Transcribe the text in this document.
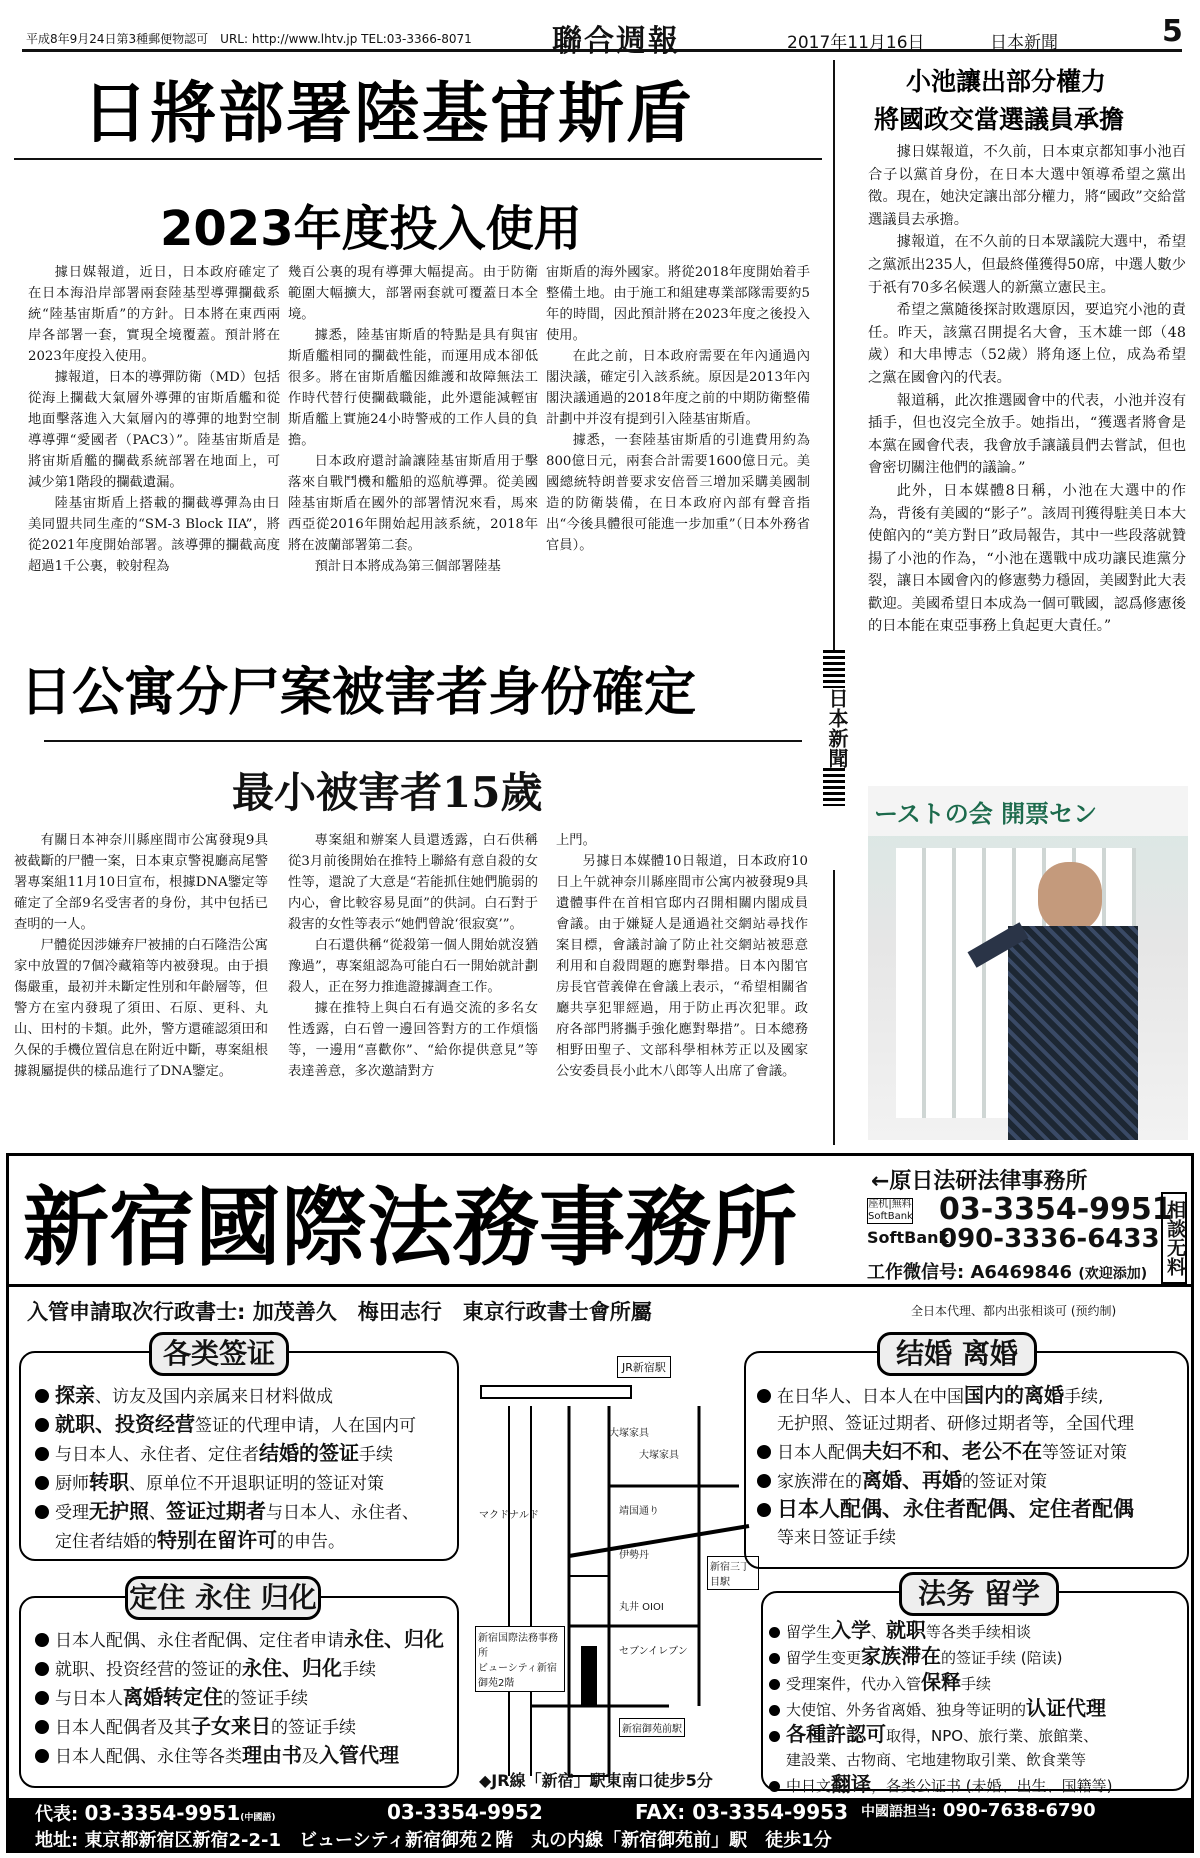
平成8年9月24日第3種郵便物認可　URL: http://www.lhtv.jp TEL:03-3366-8071	聯合週報	2017年11月16日	日本新聞	5
日將部署陸基宙斯盾
2023年度投入使用

據日媒報道，近日，日本政府確定了在日本海沿岸部署兩套陸基型導彈攔截系統“陸基宙斯盾”的方針。日本將在東西兩岸各部署一套，實現全境覆蓋。預計將在2023年度投入使用。

據報道，日本的導彈防衛（MD）包括從海上攔截大氣層外導彈的宙斯盾艦和從地面擊落進入大氣層內的導彈的地對空制導導彈“愛國者（PAC3）”。陸基宙斯盾是將宙斯盾艦的攔截系統部署在地面上，可減少第1階段的攔截遺漏。

陸基宙斯盾上搭載的攔截導彈為由日美同盟共同生產的“SM-3 Block IIA”，將從2021年度開始部署。該導彈的攔截高度超過1千公裏，較射程為

幾百公裏的現有導彈大幅提高。由于防衛範圍大幅擴大，部署兩套就可覆蓋日本全境。

據悉，陸基宙斯盾的特點是具有與宙斯盾艦相同的攔截性能，而運用成本卻低很多。將在宙斯盾艦因維護和故障無法工作時代替行使攔截職能，此外還能減輕宙斯盾艦上實施24小時警戒的工作人員的負擔。

日本政府還討論讓陸基宙斯盾用于擊落來自戰鬥機和艦船的巡航導彈。從美國陸基宙斯盾在國外的部署情況來看，馬來西亞從2016年開始起用該系統，2018年將在波蘭部署第二套。

預計日本將成為第三個部署陸基

宙斯盾的海外國家。將從2018年度開始着手整備土地。由于施工和組建專業部隊需要約5年的時間，因此預計將在2023年度之後投入使用。

在此之前，日本政府需要在年內通過內閣決議，確定引入該系統。原因是2013年內閣決議通過的2018年度之前的中期防衛整備計劃中并沒有提到引入陸基宙斯盾。

據悉，一套陸基宙斯盾的引進費用約為800億日元，兩套合計需要1600億日元。美國總統特朗普要求安倍晉三增加采購美國制造的防衛裝備，在日本政府內部有聲音指出“今後具體很可能進一步加重”（日本外務省官員）。

日公寓分尸案被害者身份確定
最小被害者15歲

有關日本神奈川縣座間市公寓發現9具被截斷的尸體一案，日本東京警視廳高尾警署專案組11月10日宣布，根據DNA鑒定等確定了全部9名受害者的身份，其中包括已查明的一人。

尸體從因涉嫌弃尸被捕的白石隆浩公寓家中放置的7個冷藏箱等内被發現。由于損傷嚴重，最初并未斷定性別和年齡層等，但警方在室内發現了須田、石原、更科、丸山、田村的卡類。此外，警方還確認須田和久保的手機位置信息在附近中斷，專案組根據親屬提供的樣品進行了DNA鑒定。

專案組和辦案人員還透露，白石供稱從3月前後開始在推特上聯絡有意自殺的女性等，還說了大意是“若能抓住她們脆弱的内心，會比較容易見面”的供詞。白石對于殺害的女性等表示“她們曾說‘很寂寞’”。

白石還供稱“從殺第一個人開始就沒猶豫過”，專案組認為可能白石一開始就計劃殺人，正在努力推進證據調查工作。

據在推特上與白石有過交流的多名女性透露，白石曾一邊回答對方的工作煩惱等，一邊用“喜歡你”、“給你提供意見”等表達善意，多次邀請對方

上門。

另據日本媒體10日報道，日本政府10日上午就神奈川縣座間市公寓内被發現9具遺體事件在首相官邸内召開相關内閣成員會議。由于嫌疑人是通過社交網站尋找作案目標，會議討論了防止社交網站被惡意利用和自殺問題的應對舉措。日本內閣官房長官菅義偉在會議上表示，“希望相關省廳共享犯罪經過，用于防止再次犯罪。政府各部門將攜手強化應對舉措”。日本總務相野田聖子、文部科學相林芳正以及國家公安委員長小此木八郎等人出席了會議。

日本新聞
小池讓出部分權力
將國政交當選議員承擔

據日媒報道，不久前，日本東京都知事小池百合子以黨首身份，在日本大選中領導希望之黨出徵。現在，她決定讓出部分權力，將“國政”交給當選議員去承擔。

據報道，在不久前的日本眾議院大選中，希望之黨派出235人，但最終僅獲得50席，中選人數少于祇有70多名候選人的新黨立憲民主。

希望之黨隨後探討敗選原因，要追究小池的責任。昨天，該黨召開提名大會，玉木雄一郎（48歲）和大串博志（52歲）將角逐上位，成為希望之黨在國會內的代表。

報道稱，此次推選國會中的代表，小池并沒有插手，但也沒完全放手。她指出，“獲選者將會是本黨在國會代表，我會放手讓議員們去嘗試，但也會密切關注他們的議論。”

此外，日本媒體8日稱，小池在大選中的作為，背後有美國的“影子”。該周刊獲得駐美日本大使館內的“美方對日”政局報告，其中一些段落就贊揚了小池的作為，“小池在選戰中成功讓民進黨分裂，讓日本國會內的修憲勢力穩固，美國對此大表歡迎。美國希望日本成為一個可戰國，認爲修憲後的日本能在東亞事務上負起更大責任。”

ーストの会 開票セン
新宿國際法務事務所	←原日法研法律事務所
座机|無料
SoftBank 03-3354-9951
SoftBank
090-3336-6433 相談无料
工作微信号: A6469846 (欢迎添加)
入管申請取次行政書士: 加茂善久　梅田志行　東京行政書士會所屬	全日本代理、都内出张相谈可 (预约制)
各类签证
探亲、访友及国内亲属来日材料做成
就职、投资经营签证的代理申请，人在国内可
与日本人、永住者、定住者结婚的签证手续
厨师转职、原单位不开退职证明的签证对策
受理无护照、签证过期者与日本人、永住者、
定住者结婚的特别在留许可的申告。
定住 永住 归化
日本人配偶、永住者配偶、定住者申请永住、归化
就职、投资经营的签证的永住、归化手续
与日本人离婚转定住的签证手续
日本人配偶者及其子女来日的签证手续
日本人配偶、永住等各类理由书及入管代理
JR新宿駅
大塚家具
新宿三丁目駅
伊勢丹
丸井 OIOI
靖国通り
マクドナルド
大塚家具
セブンイレブン
新宿御苑前駅
新宿国際法務事務所
ビューシティ新宿御苑2階
◆JR線「新宿」駅東南口徒步5分
结婚 离婚
在日华人、日本人在中国国内的离婚手续,
无护照、签证过期者、研修过期者等，全国代理
日本人配偶夫妇不和、老公不在等签证对策
家族滞在的离婚、再婚的签证对策
日本人配偶、永住者配偶、定住者配偶
等来日签证手续
法务 留学
留学生入学、就职等各类手续相谈
留学生变更家族滞在的签证手续 (陪读)
受理案件，代办入管保释手续
大使馆、外务省离婚、独身等证明的认证代理
各種許認可取得，NPO、旅行業、旅館業、
建設業、古物商、宅地建物取引業、飲食業等
中日文翻译，各类公证书 (未婚、出生、国籍等)
代表: 03-3354-9951(中國語)	03-3354-9952	FAX: 03-3354-9953 中國語担当: 090-7638-6790
地址: 東京都新宿区新宿2-2-1　ビューシティ新宿御苑２階　丸の内線「新宿御苑前」駅　徒歩1分
